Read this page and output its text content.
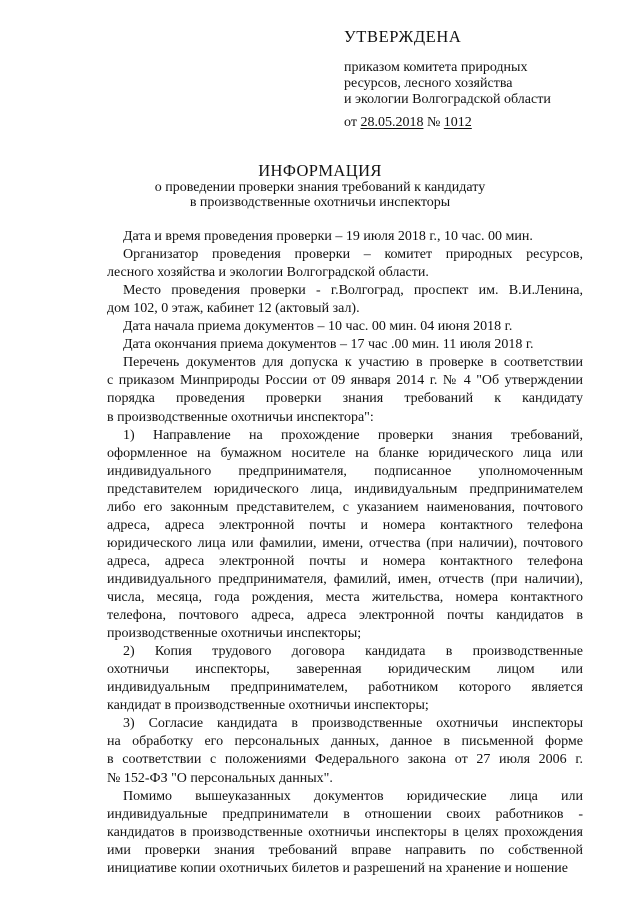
УТВЕРЖДЕНА
приказом комитета природных
ресурсов, лесного хозяйства
и экологии Волгоградской области
от 28.05.2018 № 1012
ИНФОРМАЦИЯ
о проведении проверки знания требований к кандидату
в производственные охотничьи инспекторы
Дата и время проведения проверки – 19 июля 2018 г., 10 час. 00 мин.
Организатор проведения проверки – комитет природных ресурсов,
лесного хозяйства и экологии Волгоградской области.
Место проведения проверки - г.Волгоград, проспект им. В.И.Ленина,
дом 102, 0 этаж, кабинет 12 (актовый зал).
Дата начала приема документов – 10 час. 00 мин. 04 июня 2018 г.
Дата окончания приема документов – 17 час .00 мин. 11 июля 2018 г.
Перечень документов для допуска к участию в проверке в соответствии
с приказом Минприроды России от 09 января 2014 г. № 4 "Об утверждении
порядка проведения проверки знания требований к кандидату
в производственные охотничьи инспектора":
1) Направление на прохождение проверки знания требований,
оформленное на бумажном носителе на бланке юридического лица или
индивидуального предпринимателя, подписанное уполномоченным
представителем юридического лица, индивидуальным предпринимателем
либо его законным представителем, с указанием наименования, почтового
адреса, адреса электронной почты и номера контактного телефона
юридического лица или фамилии, имени, отчества (при наличии), почтового
адреса, адреса электронной почты и номера контактного телефона
индивидуального предпринимателя, фамилий, имен, отчеств (при наличии),
числа, месяца, года рождения, места жительства, номера контактного
телефона, почтового адреса, адреса электронной почты кандидатов в
производственные охотничьи инспекторы;
2) Копия трудового договора кандидата в производственные
охотничьи инспекторы, заверенная юридическим лицом или
индивидуальным предпринимателем, работником которого является
кандидат в производственные охотничьи инспекторы;
3) Согласие кандидата в производственные охотничьи инспекторы
на обработку его персональных данных, данное в письменной форме
в соответствии с положениями Федерального закона от 27 июля 2006 г.
№ 152-ФЗ "О персональных данных".
Помимо вышеуказанных документов юридические лица или
индивидуальные предприниматели в отношении своих работников -
кандидатов в производственные охотничьи инспекторы в целях прохождения
ими проверки знания требований вправе направить по собственной
инициативе копии охотничьих билетов и разрешений на хранение и ношение
